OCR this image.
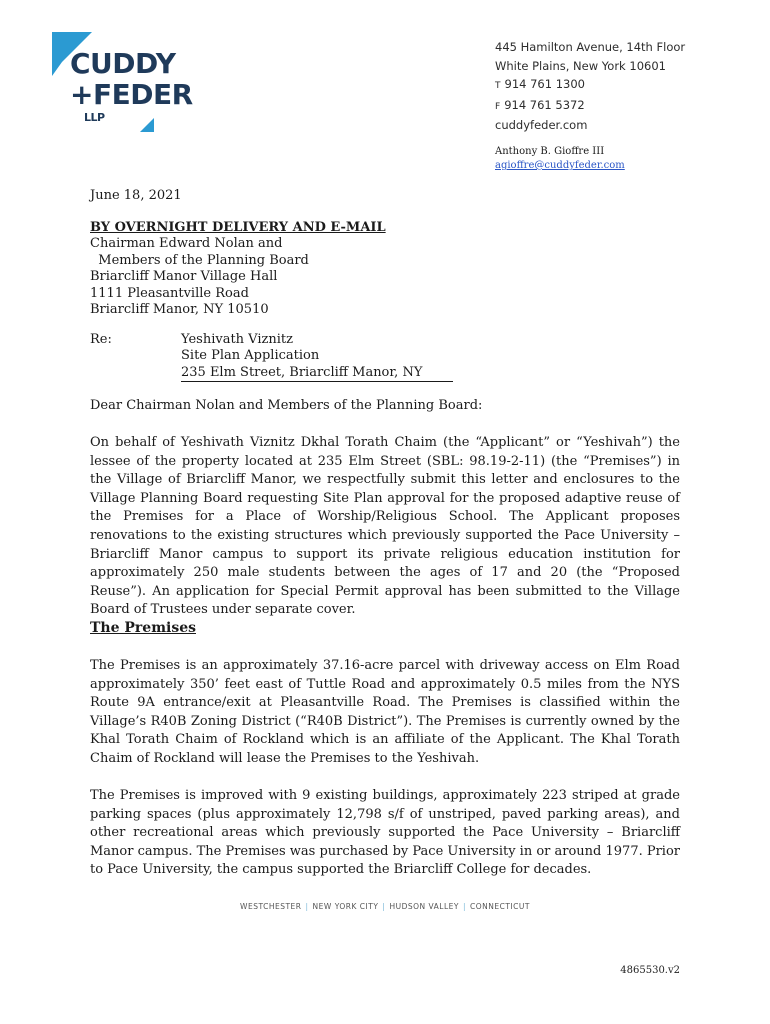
CUDDY
+FEDER
LLP
445 Hamilton Avenue, 14th Floor
White Plains, New York 10601
T 914 761 1300
F 914 761 5372
cuddyfeder.com
Anthony B. Gioffre III
agioffre@cuddyfeder.com
June 18, 2021
BY OVERNIGHT DELIVERY AND E-MAIL
Chairman Edward Nolan and
Members of the Planning Board
Briarcliff Manor Village Hall
1111 Pleasantville Road
Briarcliff Manor, NY 10510
Re:	Yeshivath Viznitz
Site Plan Application
235 Elm Street, Briarcliff Manor, NY
Dear Chairman Nolan and Members of the Planning Board:
On behalf of Yeshivath Viznitz Dkhal Torath Chaim (the “Applicant” or “Yeshivah”) the lessee of the property located at 235 Elm Street (SBL: 98.19-2-11) (the “Premises”) in the Village of Briarcliff Manor, we respectfully submit this letter and enclosures to the Village Planning Board requesting Site Plan approval for the proposed adaptive reuse of the Premises for a Place of Worship/Religious School. The Applicant proposes renovations to the existing structures which previously supported the Pace University – Briarcliff Manor campus to support its private religious education institution for approximately 250 male students between the ages of 17 and 20 (the “Proposed Reuse”). An application for Special Permit approval has been submitted to the Village Board of Trustees under separate cover.
The Premises
The Premises is an approximately 37.16-acre parcel with driveway access on Elm Road approximately 350’ feet east of Tuttle Road and approximately 0.5 miles from the NYS Route 9A entrance/exit at Pleasantville Road. The Premises is classified within the Village’s R40B Zoning District (“R40B District”). The Premises is currently owned by the Khal Torath Chaim of Rockland which is an affiliate of the Applicant. The Khal Torath Chaim of Rockland will lease the Premises to the Yeshivah.
The Premises is improved with 9 existing buildings, approximately 223 striped at grade parking spaces (plus approximately 12,798 s/f of unstriped, paved parking areas), and other recreational areas which previously supported the Pace University – Briarcliff Manor campus. The Premises was purchased by Pace University in or around 1977. Prior to Pace University, the campus supported the Briarcliff College for decades.
WESTCHESTER | NEW YORK CITY | HUDSON VALLEY | CONNECTICUT
4865530.v2
